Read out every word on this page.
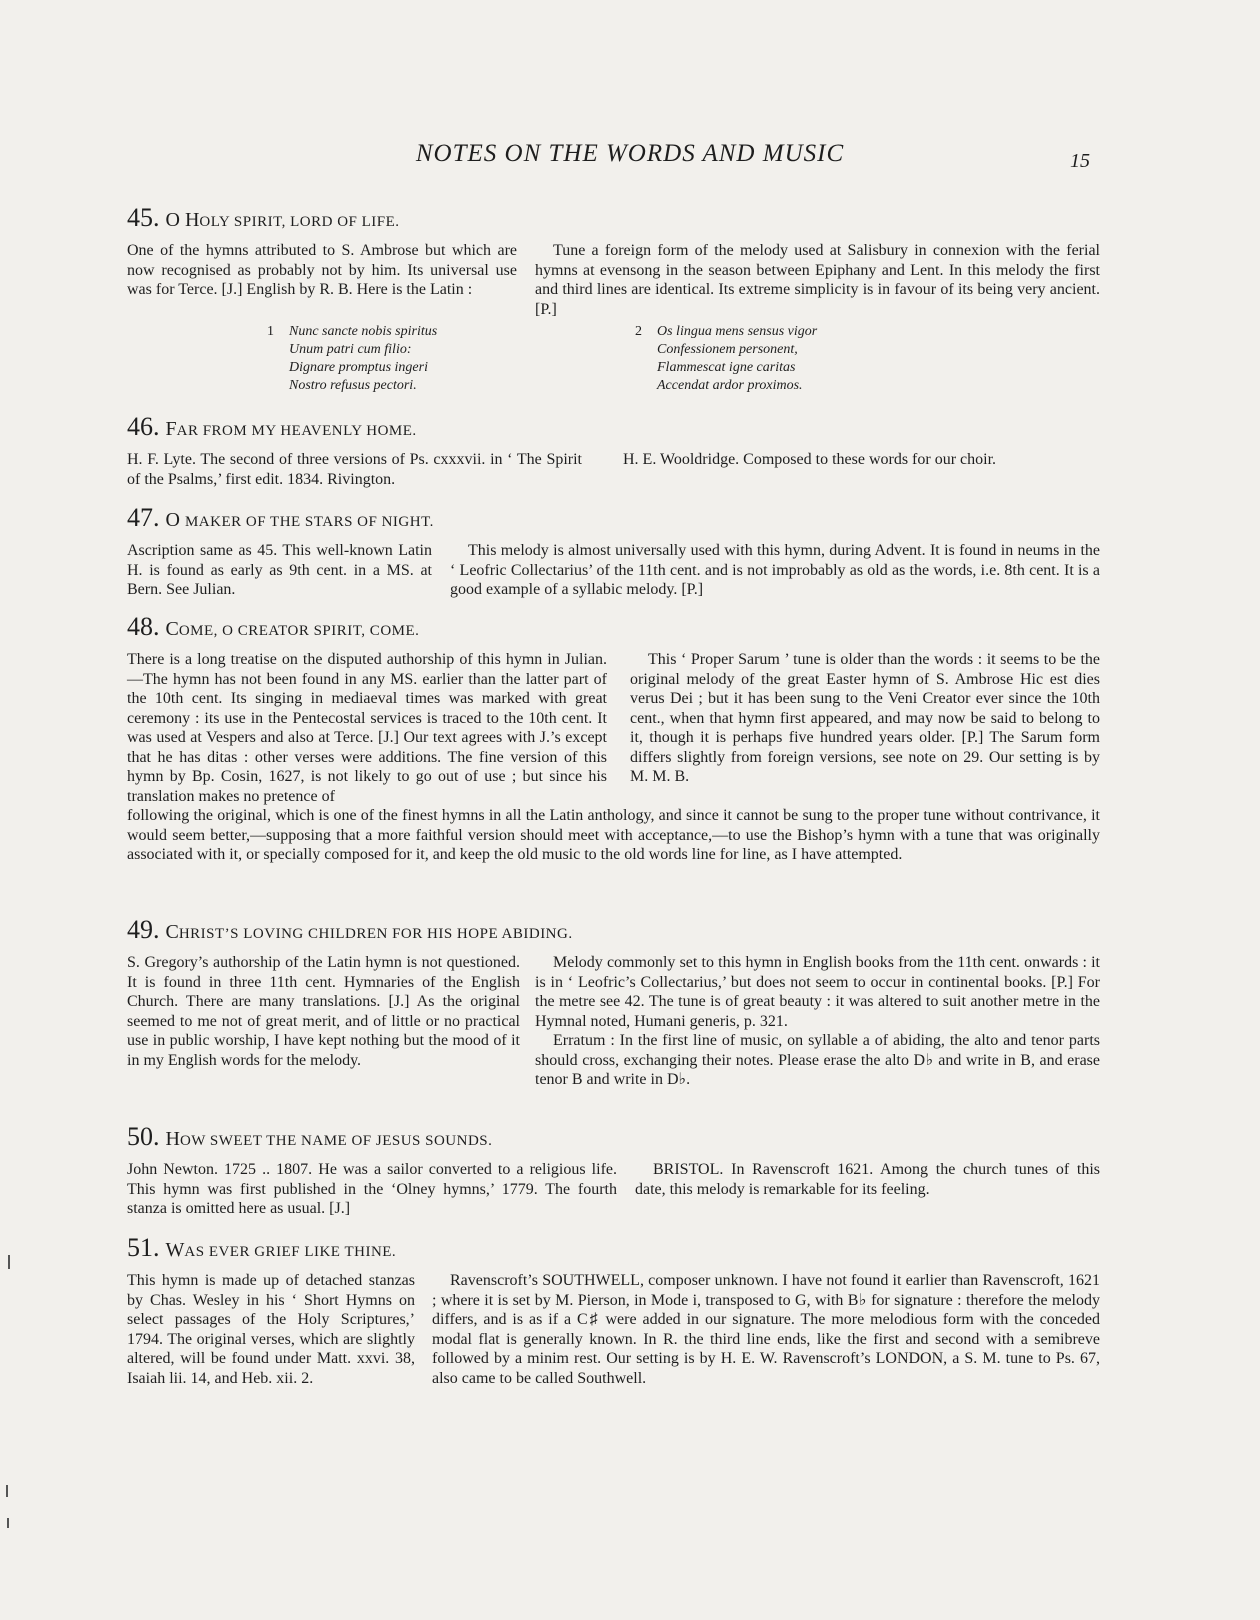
NOTES ON THE WORDS AND MUSIC	15
45. O HOLY SPIRIT, LORD OF LIFE.

One of the hymns attributed to S. Ambrose but which are now recognised as probably not by him. Its universal use was for Terce. [J.] English by R. B. Here is the Latin :

Tune a foreign form of the melody used at Salisbury in connexion with the ferial hymns at evensong in the season between Epiphany and Lent. In this melody the first and third lines are identical. Its extreme simplicity is in favour of its being very ancient. [P.]

1 Nunc sancte nobis spiritus
Unum patri cum filio:
Dignare promptus ingeri
Nostro refusus pectori.
2 Os lingua mens sensus vigor
Confessionem personent,
Flammescat igne caritas
Accendat ardor proximos.
46. FAR FROM MY HEAVENLY HOME.

H. F. Lyte. The second of three versions of Ps. cxxxvii. in ‘ The Spirit of the Psalms,’ first edit. 1834. Rivington.

H. E. Wooldridge. Composed to these words for our choir.

47. O MAKER OF THE STARS OF NIGHT.

Ascription same as 45. This well-known Latin H. is found as early as 9th cent. in a MS. at Bern. See Julian.

This melody is almost universally used with this hymn, during Advent. It is found in neums in the ‘ Leofric Collectarius’ of the 11th cent. and is not improbably as old as the words, i.e. 8th cent. It is a good example of a syllabic melody. [P.]

48. COME, O CREATOR SPIRIT, COME.

There is a long treatise on the disputed authorship of this hymn in Julian.—The hymn has not been found in any MS. earlier than the latter part of the 10th cent. Its singing in mediaeval times was marked with great ceremony : its use in the Pentecostal services is traced to the 10th cent. It was used at Vespers and also at Terce. [J.] Our text agrees with J.’s except that he has ditas : other verses were additions. The fine version of this hymn by Bp. Cosin, 1627, is not likely to go out of use ; but since his translation makes no pretence of

This ‘ Proper Sarum ’ tune is older than the words : it seems to be the original melody of the great Easter hymn of S. Ambrose Hic est dies verus Dei ; but it has been sung to the Veni Creator ever since the 10th cent., when that hymn first appeared, and may now be said to belong to it, though it is perhaps five hundred years older. [P.] The Sarum form differs slightly from foreign versions, see note on 29. Our setting is by M. M. B.

following the original, which is one of the finest hymns in all the Latin anthology, and since it cannot be sung to the proper tune without contrivance, it would seem better,—supposing that a more faithful version should meet with acceptance,—to use the Bishop’s hymn with a tune that was originally associated with it, or specially composed for it, and keep the old music to the old words line for line, as I have attempted.

49. CHRIST’S LOVING CHILDREN FOR HIS HOPE ABIDING.

S. Gregory’s authorship of the Latin hymn is not questioned. It is found in three 11th cent. Hymnaries of the English Church. There are many translations. [J.] As the original seemed to me not of great merit, and of little or no practical use in public worship, I have kept nothing but the mood of it in my English words for the melody.

Melody commonly set to this hymn in English books from the 11th cent. onwards : it is in ‘ Leofric’s Collectarius,’ but does not seem to occur in continental books. [P.] For the metre see 42. The tune is of great beauty : it was altered to suit another metre in the Hymnal noted, Humani generis, p. 321.

Erratum : In the first line of music, on syllable a of abiding, the alto and tenor parts should cross, exchanging their notes. Please erase the alto D♭ and write in B, and erase tenor B and write in D♭.

50. HOW SWEET THE NAME OF JESUS SOUNDS.

John Newton. 1725 .. 1807. He was a sailor converted to a religious life. This hymn was first published in the ‘Olney hymns,’ 1779. The fourth stanza is omitted here as usual. [J.]

BRISTOL. In Ravenscroft 1621. Among the church tunes of this date, this melody is remarkable for its feeling.

51. WAS EVER GRIEF LIKE THINE.

This hymn is made up of detached stanzas by Chas. Wesley in his ‘ Short Hymns on select passages of the Holy Scriptures,’ 1794. The original verses, which are slightly altered, will be found under Matt. xxvi. 38, Isaiah lii. 14, and Heb. xii. 2.

Ravenscroft’s SOUTHWELL, composer unknown. I have not found it earlier than Ravenscroft, 1621 ; where it is set by M. Pierson, in Mode i, transposed to G, with B♭ for signature : therefore the melody differs, and is as if a C♯ were added in our signature. The more melodious form with the conceded modal flat is generally known. In R. the third line ends, like the first and second with a semibreve followed by a minim rest. Our setting is by H. E. W. Ravenscroft’s LONDON, a S. M. tune to Ps. 67, also came to be called Southwell.
